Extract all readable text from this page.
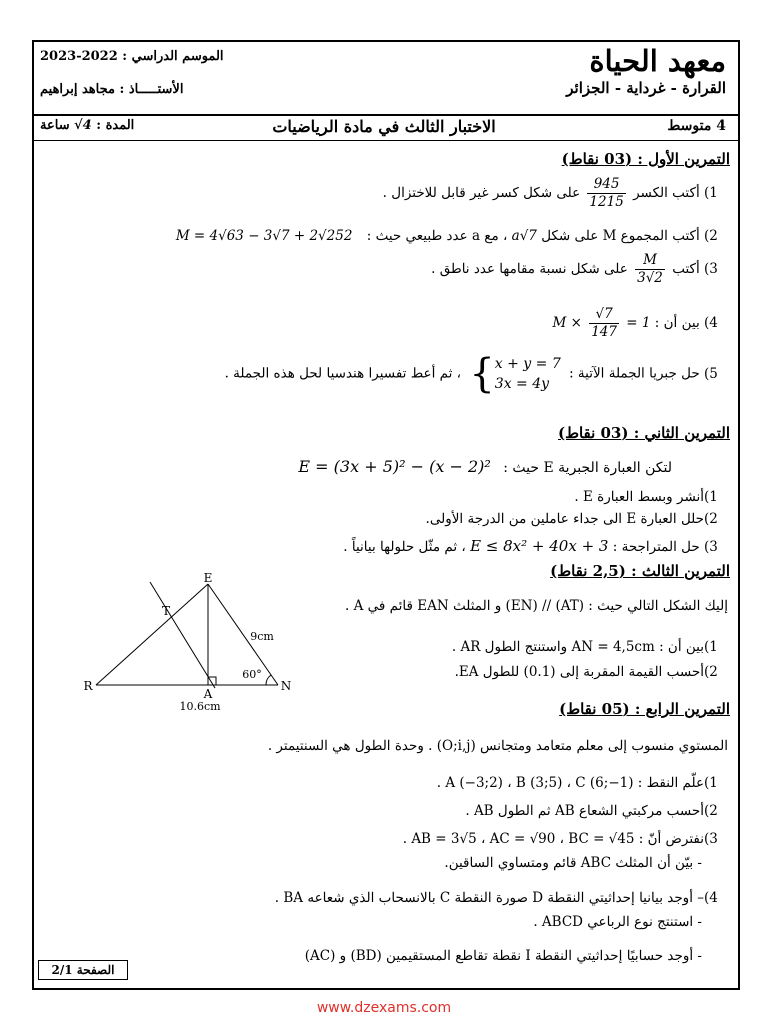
الموسم الدراسي : 2022-2023
الأستـــــاذ : مجاهد إبراهيم
معهد الحياة
القرارة - غرداية - الجزائر
4 متوسط
الاختبار الثالث في مادة الرياضيات
المدة : √4 ساعة
التمرين الأول : (03 نقاط)
1) أكتب الكسر
$\frac{945}{1215}$
على شكل كسر غير قابل للاختزال .
2) أكتب المجموع M على شكل a√7 ، مع a عدد طبيعي حيث : M = 4√63 − 3√7 + 2√252
3) أكتب
$\frac{M}{2√3}$
على شكل نسبة مقامها عدد ناطق .
4) بين أن : $M \times \frac{√7}{147} = 1$
5) حل جبريا الجملة الآتية :
{ x + y = 7
3x = 4y
، ثم أعط تفسيرا هندسيا لحل هذه الجملة .
التمرين الثاني : (03 نقاط)
لتكن العبارة الجبرية E حيث : E = (3x + 5)² − (x − 2)²
1)أنشر وبسط العبارة E .
2)حلل العبارة E الى جداء عاملين من الدرجة الأولى.
3) حل المتراجحة : E ≤ 8x² + 40x + 3 ، ثم مثّل حلولها بيانياً .
التمرين الثالث : (2,5 نقاط)
إليك الشكل التالي حيث : (AT) // (EN) و المثلث EAN قائم في A .
1)بين أن : AN = 4,5cm واستنتج الطول AR .
2)أحسب القيمة المقربة إلى (0.1) للطول EA.
E
T
R
A
N
9cm
60°
10.6cm	التمرين الرابع : (05 نقاط)
المستوي منسوب إلى معلم متعامد ومتجانس (O;i,j) . وحدة الطول هي السنتيمتر .
1)علّم النقط : A (−3;2) ، B (3;5) ، C (6;−1) .
2)أحسب مركبتي الشعاع AB ثم الطول AB .
3)نفترض أنّ : AB = 3√5 ، AC = √90 ، BC = √45 .
- بيّن أن المثلث ABC قائم ومتساوي الساقين.
4)– أوجد بيانيا إحداثيتي النقطة D صورة النقطة C بالانسحاب الذي شعاعه BA .
- استنتج نوع الرباعي ABCD .
- أوجد حسابيًا إحداثيتي النقطة I نقطة تقاطع المستقيمين (BD) و (AC)
الصفحة 2/1
www.dzexams.com
